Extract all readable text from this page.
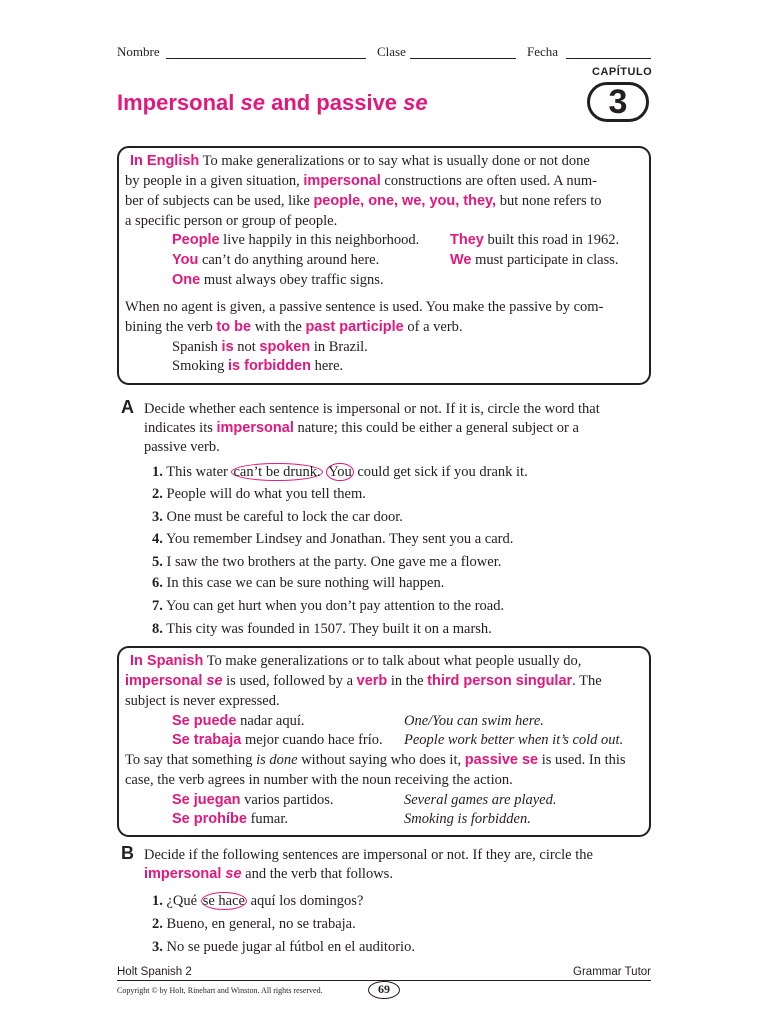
Nombre	Clase	Fecha
CAPÍTULO
Impersonal se and passive se	3
In English To make generalizations or to say what is usually done or not done
by people in a given situation, impersonal constructions are often used. A num-
ber of subjects can be used, like people, one, we, you, they, but none refers to
a specific person or group of people.
People live happily in this neighborhood. They built this road in 1962.
You can’t do anything around here.	We must participate in class.
One must always obey traffic signs.
When no agent is given, a passive sentence is used. You make the passive by com-
bining the verb to be with the past participle of a verb.
Spanish is not spoken in Brazil.
Smoking is forbidden here.
A Decide whether each sentence is impersonal or not. If it is, circle the word that
indicates its impersonal nature; this could be either a general subject or a
passive verb.
1. This water can’t be drunk. You could get sick if you drank it.
2. People will do what you tell them.
3. One must be careful to lock the car door.
4. You remember Lindsey and Jonathan. They sent you a card.
5. I saw the two brothers at the party. One gave me a flower.
6. In this case we can be sure nothing will happen.
7. You can get hurt when you don’t pay attention to the road.
8. This city was founded in 1507. They built it on a marsh.
In Spanish To make generalizations or to talk about what people usually do,
impersonal se is used, followed by a verb in the third person singular. The
subject is never expressed.
Se puede nadar aquí.	One/You can swim here.
Se trabaja mejor cuando hace frío. People work better when it’s cold out.
To say that something is done without saying who does it, passive se is used. In this
case, the verb agrees in number with the noun receiving the action.
Se juegan varios partidos.	Several games are played.
Se prohíbe fumar.	Smoking is forbidden.
B Decide if the following sentences are impersonal or not. If they are, circle the
impersonal se and the verb that follows.
1. ¿Qué se hace aquí los domingos?
2. Bueno, en general, no se trabaja.
3. No se puede jugar al fútbol en el auditorio.
Holt Spanish 2	Grammar Tutor
Copyright © by Holt, Rinehart and Winston. All rights reserved.	69
